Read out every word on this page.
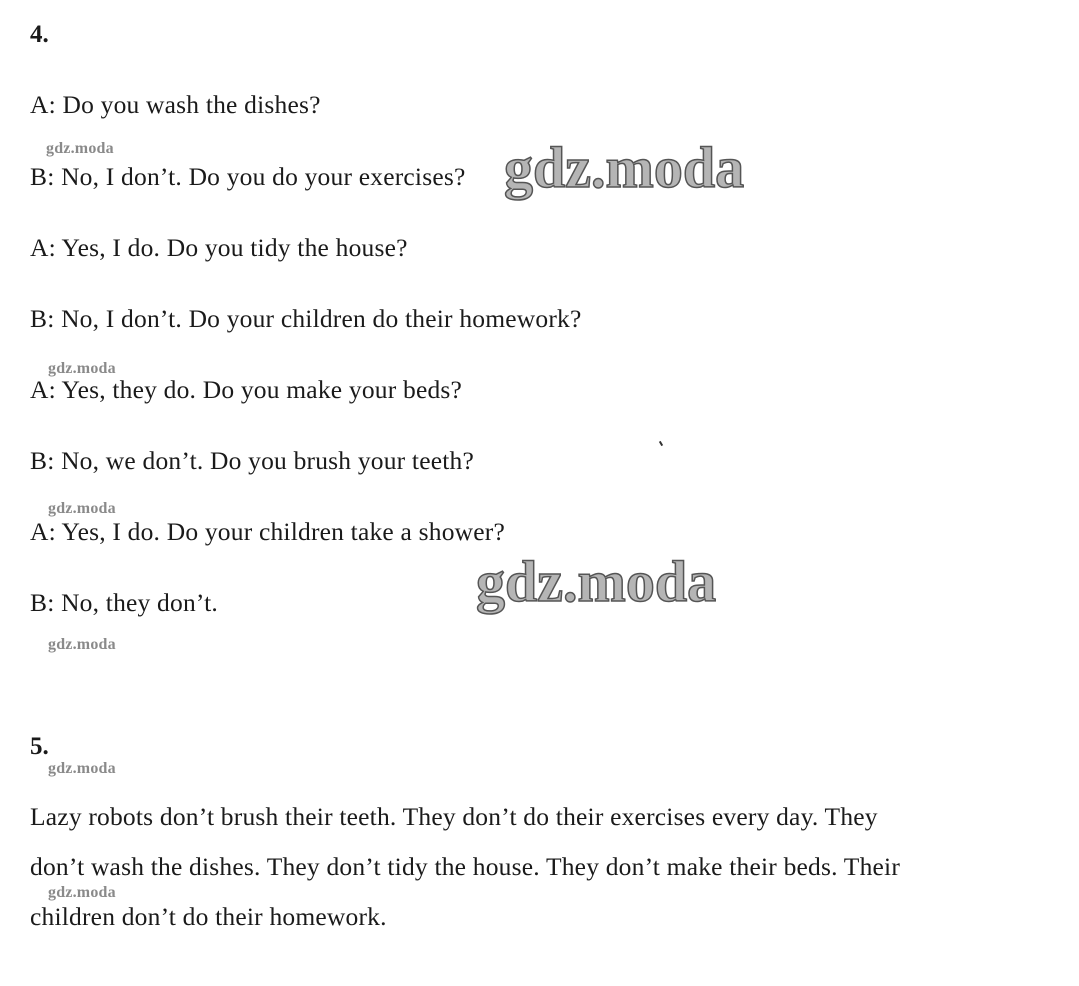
4.
A: Do you wash the dishes?
B: No, I don’t. Do you do your exercises?
A: Yes, I do. Do you tidy the house?
B: No, I don’t. Do your children do their homework?
A: Yes, they do. Do you make your beds?
B: No, we don’t. Do you brush your teeth?
A: Yes, I do. Do your children take a shower?
B: No, they don’t.
5.
Lazy robots don’t brush their teeth. They don’t do their exercises every day. They
don’t wash the dishes. They don’t tidy the house. They don’t make their beds. Their
children don’t do their homework.
gdz.moda
gdz.moda
gdz.moda
gdz.moda
gdz.moda
gdz.moda
gdz.moda
gdz.moda
